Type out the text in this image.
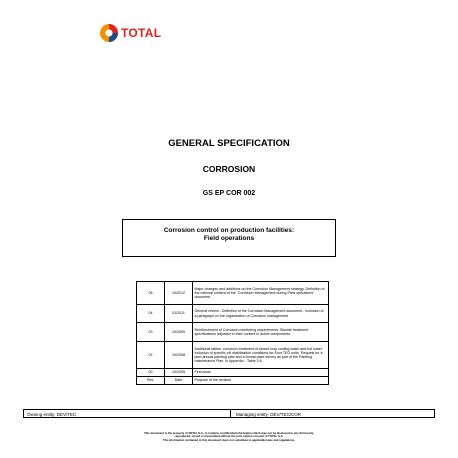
TOTAL
GENERAL SPECIFICATION
CORROSION
GS EP COR 002
Corrosion control on production facilities:
Field operations
05	10/2012	Major changes and additions on the Corrosion Management strategy. Definition of the minimal content of the "Corrosion Management during Field operations" document
04	01/2011	General review - Definition of the Corrosion Management document - Inclusion of a paragraph on the organisation of Corrosion management
03	10/2009	Reinforcement of Corrosion monitoring requirements. Biocide treatment specifications adjusted to their content in active components
02	10/2008	Additional tables: corrosion treatment of closed loop cooling water and hot water. Inclusion of specific pH stabilisation conditions for Sour TEG units. Request for a pluri-annual painting plan and a formal paint survey as part of the Painting maintenance Plan, in Appendix - Table 3.8
00	10/2005	First issue
Rev.	Date	Purpose of the revision
Owning entity: DEV/TEC	Managing entity: DEV/TEC/COR
This document is the property of TOTAL S.A., it contains confidential information which may not be disclosed to any third party,
reproduced, stored or transmitted without the prior written consent of TOTAL S.A.
The information contained in this document does not substitute to applicable laws and regulations.
